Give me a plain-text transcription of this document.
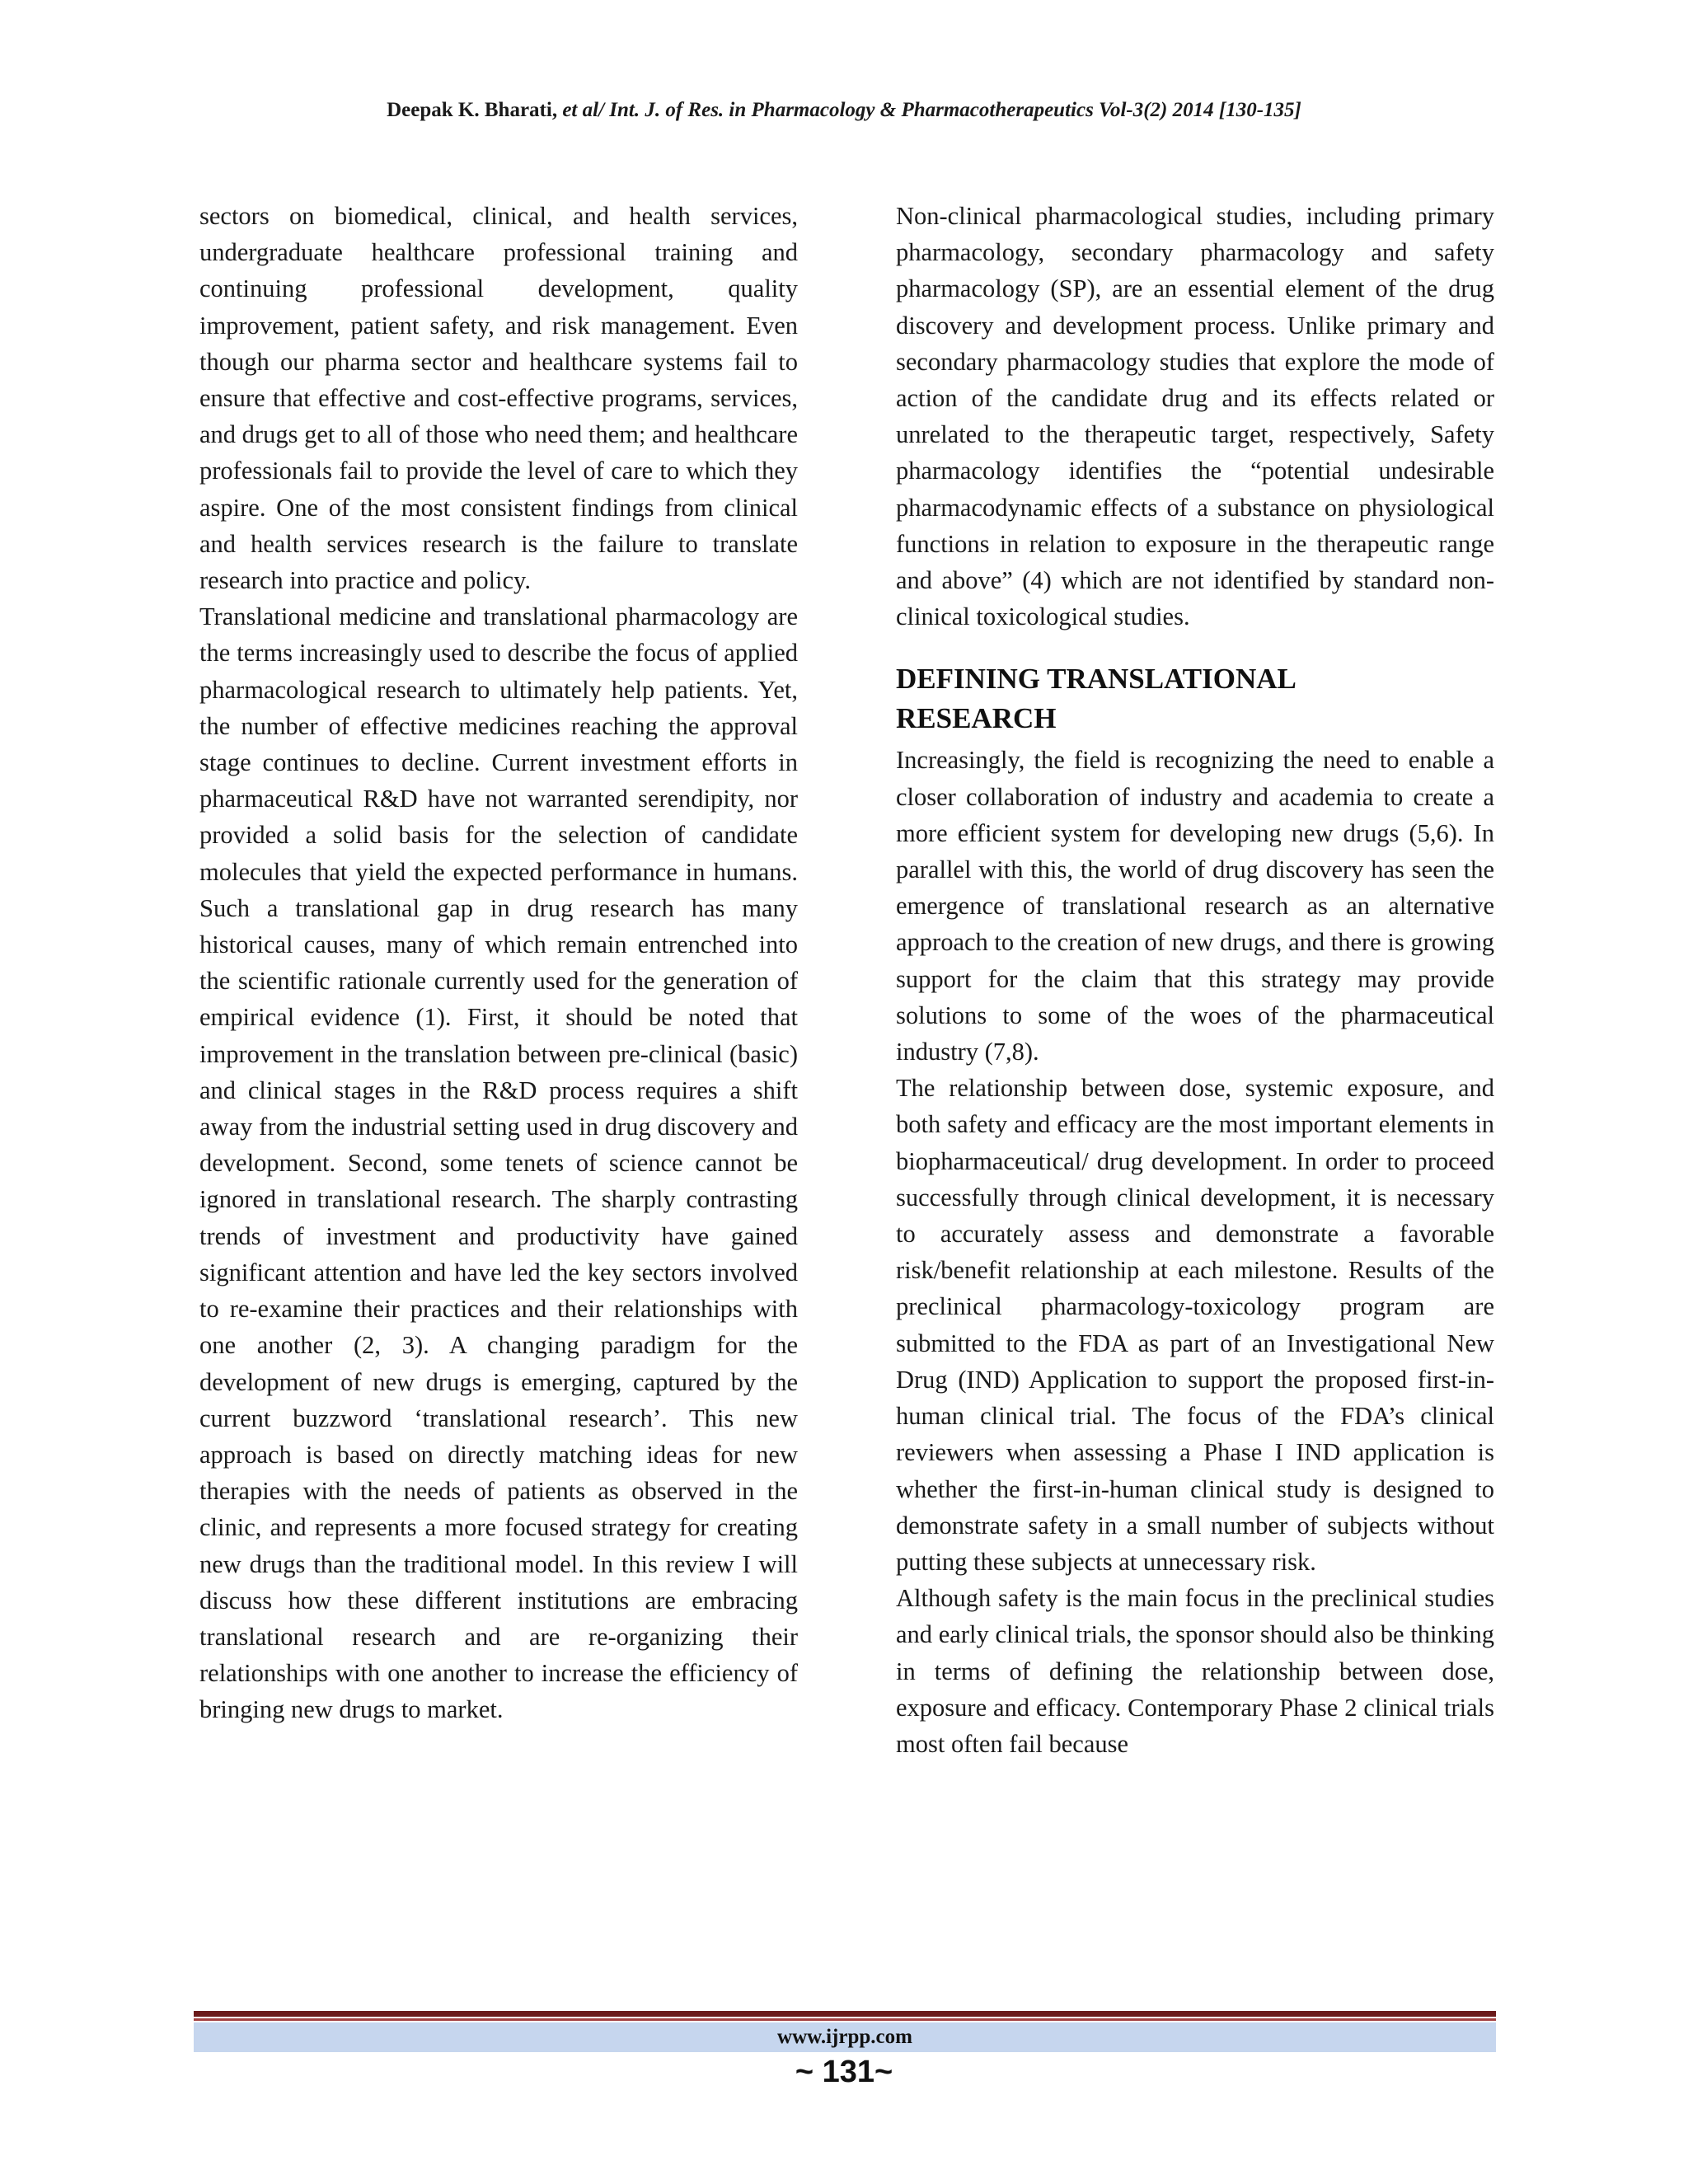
Deepak K. Bharati, et al/ Int. J. of Res. in Pharmacology & Pharmacotherapeutics Vol-3(2) 2014 [130-135]

sectors on biomedical, clinical, and health services, undergraduate healthcare professional training and continuing professional development, quality improvement, patient safety, and risk management. Even though our pharma sector and healthcare systems fail to ensure that effective and cost-effective programs, services, and drugs get to all of those who need them; and healthcare professionals fail to provide the level of care to which they aspire. One of the most consistent findings from clinical and health services research is the failure to translate research into practice and policy.

Translational medicine and translational pharmacology are the terms increasingly used to describe the focus of applied pharmacological research to ultimately help patients. Yet, the number of effective medicines reaching the approval stage continues to decline. Current investment efforts in pharmaceutical R&D have not warranted serendipity, nor provided a solid basis for the selection of candidate molecules that yield the expected performance in humans. Such a translational gap in drug research has many historical causes, many of which remain entrenched into the scientific rationale currently used for the generation of empirical evidence (1). First, it should be noted that improvement in the translation between pre-clinical (basic) and clinical stages in the R&D process requires a shift away from the industrial setting used in drug discovery and development. Second, some tenets of science cannot be ignored in translational research. The sharply contrasting trends of investment and productivity have gained significant attention and have led the key sectors involved to re-examine their practices and their relationships with one another (2, 3). A changing paradigm for the development of new drugs is emerging, captured by the current buzzword ‘translational research’. This new approach is based on directly matching ideas for new therapies with the needs of patients as observed in the clinic, and represents a more focused strategy for creating new drugs than the traditional model. In this review I will discuss how these different institutions are embracing translational research and are re-organizing their relationships with one another to increase the efficiency of bringing new drugs to market.

Non-clinical pharmacological studies, including primary pharmacology, secondary pharmacology and safety pharmacology (SP), are an essential element of the drug discovery and development process. Unlike primary and secondary pharmacology studies that explore the mode of action of the candidate drug and its effects related or unrelated to the therapeutic target, respectively, Safety pharmacology identifies the “potential undesirable pharmacodynamic effects of a substance on physiological functions in relation to exposure in the therapeutic range and above” (4) which are not identified by standard non-clinical toxicological studies.

DEFINING TRANSLATIONAL
RESEARCH

Increasingly, the field is recognizing the need to enable a closer collaboration of industry and academia to create a more efficient system for developing new drugs (5,6). In parallel with this, the world of drug discovery has seen the emergence of translational research as an alternative approach to the creation of new drugs, and there is growing support for the claim that this strategy may provide solutions to some of the woes of the pharmaceutical industry (7,8).

The relationship between dose, systemic exposure, and both safety and efficacy are the most important elements in biopharmaceutical/ drug development. In order to proceed successfully through clinical development, it is necessary to accurately assess and demonstrate a favorable risk/benefit relationship at each milestone. Results of the preclinical pharmacology-toxicology program are submitted to the FDA as part of an Investigational New Drug (IND) Application to support the proposed first-in-human clinical trial. The focus of the FDA’s clinical reviewers when assessing a Phase I IND application is whether the first-in-human clinical study is designed to demonstrate safety in a small number of subjects without putting these subjects at unnecessary risk.

Although safety is the main focus in the preclinical studies and early clinical trials, the sponsor should also be thinking in terms of defining the relationship between dose, exposure and efficacy. Contemporary Phase 2 clinical trials most often fail because

www.ijrpp.com
~ 131~
